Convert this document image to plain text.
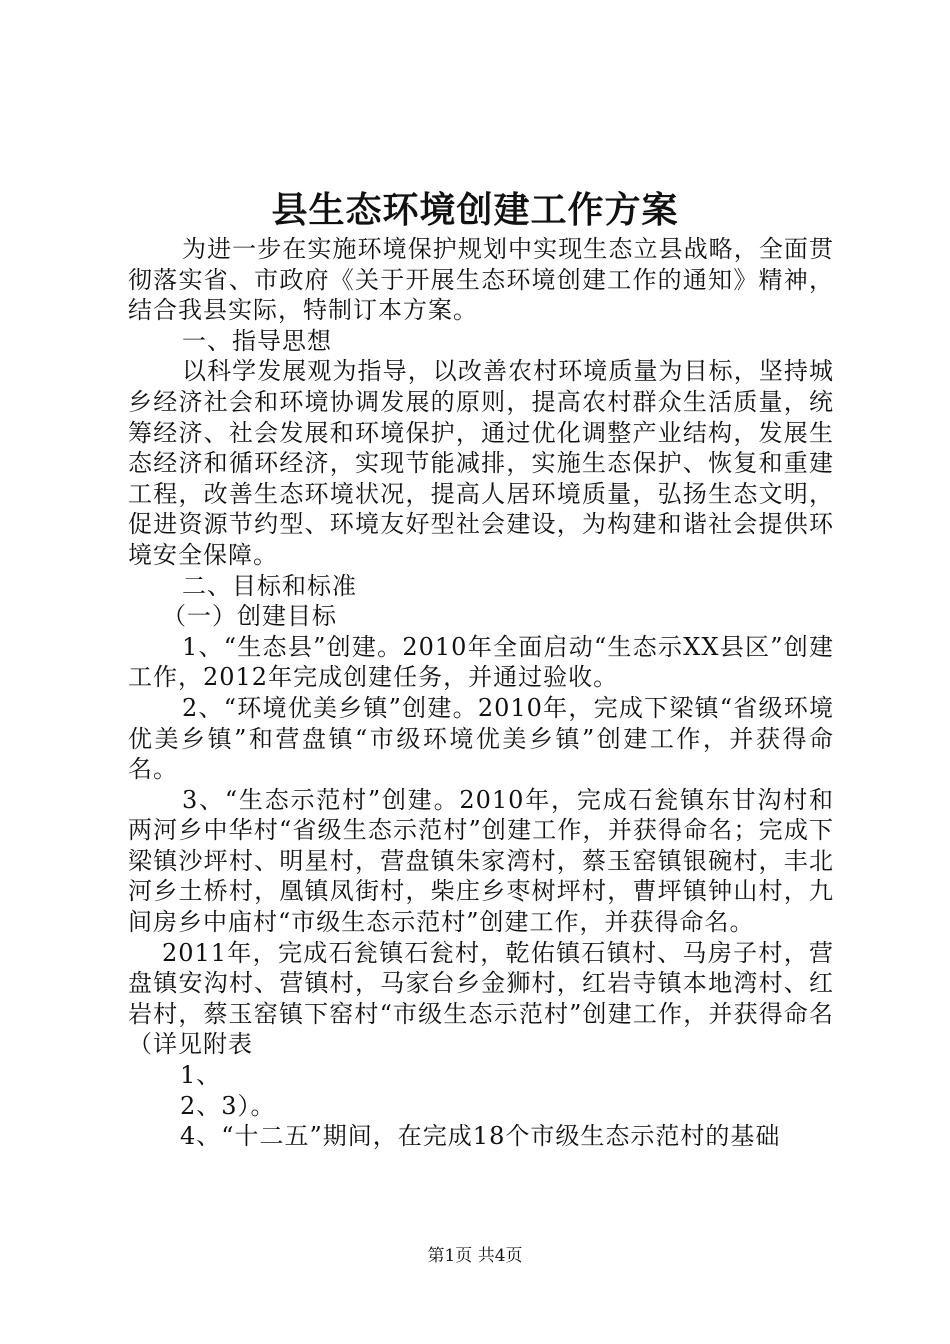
县生态环境创建工作方案

为进一步在实施环境保护规划中实现生态立县战略，全面贯彻落实省、市政府《关于开展生态环境创建工作的通知》精神，结合我县实际，特制订本方案。

一、指导思想

以科学发展观为指导，以改善农村环境质量为目标，坚持城乡经济社会和环境协调发展的原则，提高农村群众生活质量，统筹经济、社会发展和环境保护，通过优化调整产业结构，发展生态经济和循环经济，实现节能减排，实施生态保护、恢复和重建工程，改善生态环境状况，提高人居环境质量，弘扬生态文明，促进资源节约型、环境友好型社会建设，为构建和谐社会提供环境安全保障。

二、目标和标准

（一）创建目标

1、“生态县”创建。2010年全面启动“生态示XX县区”创建工作，2012年完成创建任务，并通过验收。

2、“环境优美乡镇”创建。2010年，完成下梁镇“省级环境优美乡镇”和营盘镇“市级环境优美乡镇”创建工作，并获得命名。

3、“生态示范村”创建。2010年，完成石瓮镇东甘沟村和两河乡中华村“省级生态示范村”创建工作，并获得命名；完成下梁镇沙坪村、明星村，营盘镇朱家湾村，蔡玉窑镇银碗村，丰北河乡土桥村，凰镇凤街村，柴庄乡枣树坪村，曹坪镇钟山村，九间房乡中庙村“市级生态示范村”创建工作，并获得命名。

2011年，完成石瓮镇石瓮村，乾佑镇石镇村、马房子村，营盘镇安沟村、营镇村，马家台乡金狮村，红岩寺镇本地湾村、红岩村，蔡玉窑镇下窑村“市级生态示范村”创建工作，并获得命名（详见附表

1、

2、3）。

4、“十二五”期间，在完成18个市级生态示范村的基础

第1页 共4页
